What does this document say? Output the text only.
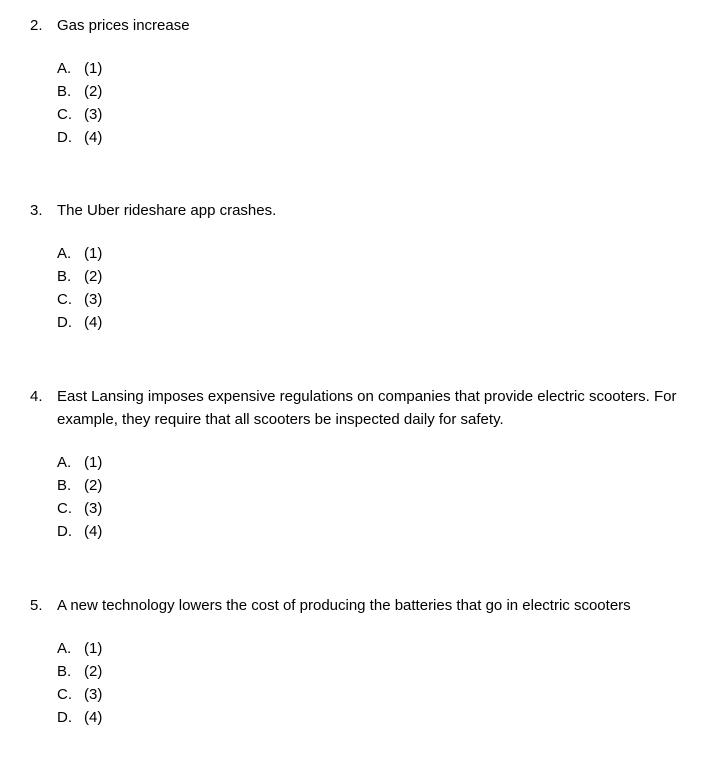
2. Gas prices increase
A. (1)
B. (2)
C. (3)
D. (4)
3. The Uber rideshare app crashes.
A. (1)
B. (2)
C. (3)
D. (4)
4. East Lansing imposes expensive regulations on companies that provide electric scooters. For example, they require that all scooters be inspected daily for safety.
A. (1)
B. (2)
C. (3)
D. (4)
5. A new technology lowers the cost of producing the batteries that go in electric scooters
A. (1)
B. (2)
C. (3)
D. (4)
